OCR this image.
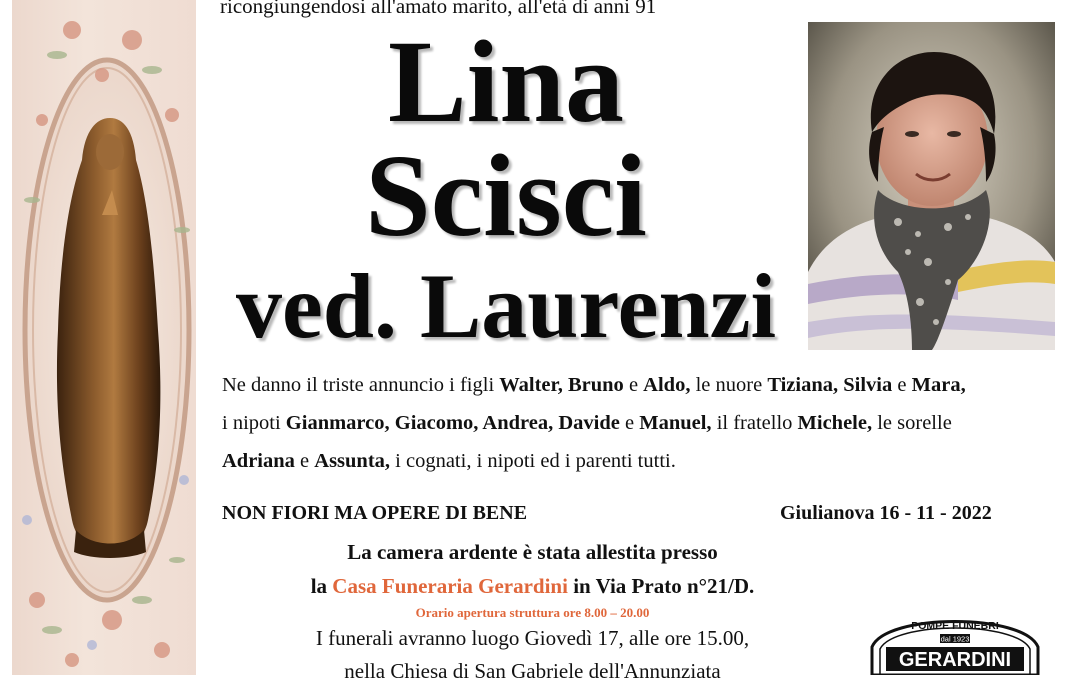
ricongiungendosi all'amato marito, all'età di anni 91
Lina
Scisci
ved. Laurenzi
Ne danno il triste annuncio i figli Walter, Bruno e Aldo, le nuore Tiziana, Silvia e Mara,
i nipoti Gianmarco, Giacomo, Andrea, Davide e Manuel, il fratello Michele, le sorelle
Adriana e Assunta, i cognati, i nipoti ed i parenti tutti.
NON FIORI MA OPERE DI BENE	Giulianova 16 - 11 - 2022
La camera ardente è stata allestita presso
la Casa Funeraria Gerardini in Via Prato n°21/D.
Orario apertura struttura ore 8.00 – 20.00
I funerali avranno luogo Giovedì 17, alle ore 15.00,
nella Chiesa di San Gabriele dell'Annunziata
POMPE FUNEBRI
dal 1923
GERARDINI
